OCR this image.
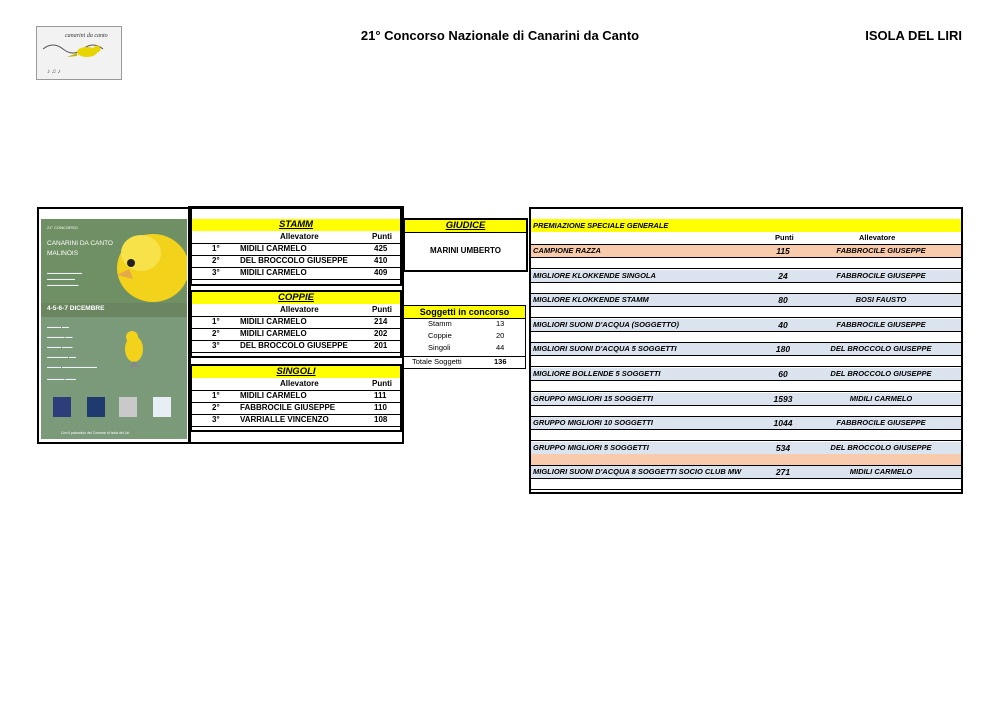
canarini da canto
♪ ♫ ♪
21° Concorso Nazionale di Canarini da Canto	ISOLA DEL LIRI
21° CONCORSO
CANARINI DA CANTO
MALINOIS
▬▬▬▬▬▬▬▬▬▬
▬▬▬▬▬▬▬▬
▬▬▬▬▬▬▬▬▬
4-5-6-7 DICEMBRE
▬▬▬▬ ▬▬
▬▬▬▬▬ ▬▬
▬▬▬▬ ▬▬▬
▬▬▬▬▬▬ ▬▬
▬▬▬▬ ▬▬▬▬▬▬▬▬▬▬
▬▬▬▬▬ ▬▬▬
Con il patrocinio del Comune di Isola del Liri
STAMM
Allevatore	Punti
1°	MIDILI CARMELO	425
2°	DEL BROCCOLO GIUSEPPE	410
3°	MIDILI CARMELO	409
COPPIE
Allevatore	Punti
1°	MIDILI CARMELO	214
2°	MIDILI CARMELO	202
3°	DEL BROCCOLO GIUSEPPE	201
SINGOLI
Allevatore	Punti
1°	MIDILI CARMELO	111
2°	FABBROCILE GIUSEPPE	110
3°	VARRIALLE VINCENZO	108
GIUDICE
MARINI UMBERTO
Soggetti in concorso
Stamm	13
Coppie	20
Singoli	44
Totale Soggetti	136
PREMIAZIONE SPECIALE GENERALE
Punti	Allevatore
CAMPIONE RAZZA	115	FABBROCILE GIUSEPPE
MIGLIORE KLOKKENDE SINGOLA	24	FABBROCILE GIUSEPPE
MIGLIORE KLOKKENDE STAMM	80	BOSI FAUSTO
MIGLIORI SUONI D'ACQUA (SOGGETTO)	40	FABBROCILE GIUSEPPE
MIGLIORI SUONI D'ACQUA 5 SOGGETTI	180	DEL BROCCOLO GIUSEPPE
MIGLIORE BOLLENDE 5 SOGGETTI	60	DEL BROCCOLO GIUSEPPE
GRUPPO MIGLIORI 15 SOGGETTI	1593	MIDILI CARMELO
GRUPPO MIGLIORI 10 SOGGETTI	1044	FABBROCILE GIUSEPPE
GRUPPO MIGLIORI 5 SOGGETTI	534	DEL BROCCOLO GIUSEPPE
MIGLIORI SUONI D'ACQUA 8 SOGGETTI SOCIO CLUB MW	271	MIDILI CARMELO
